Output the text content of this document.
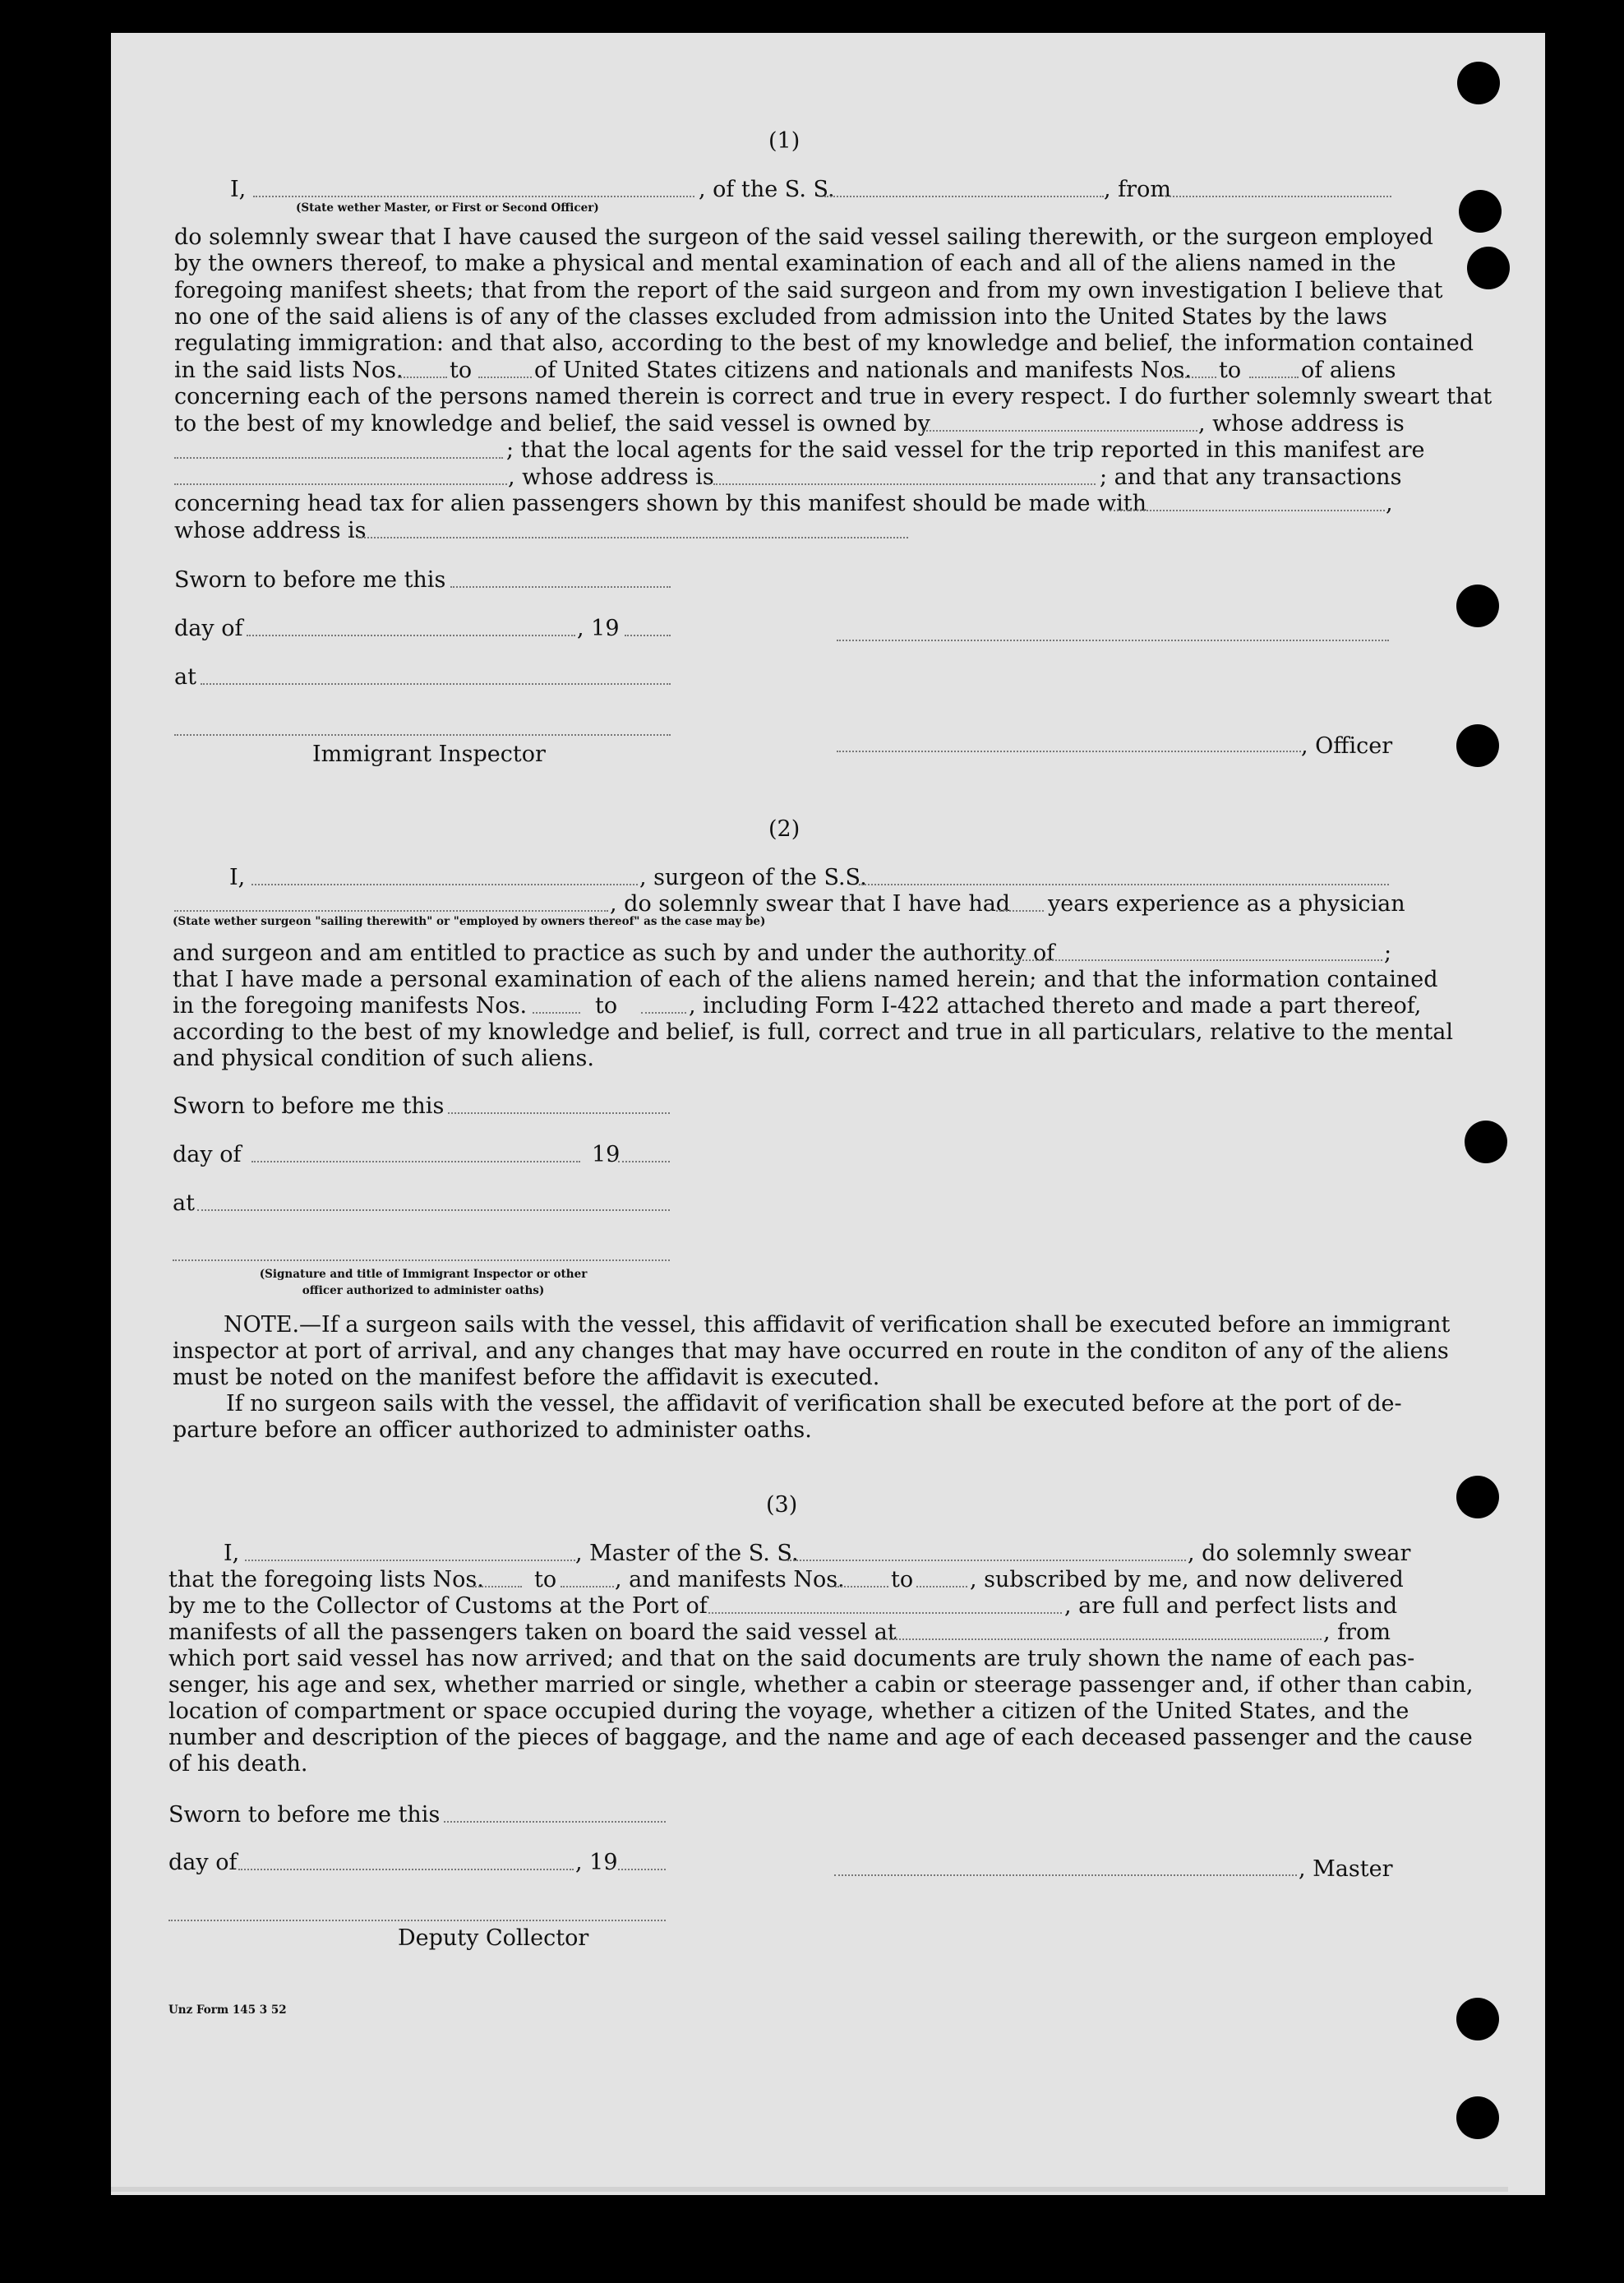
(1)
I,
(State wether Master, or First or Second Officer)
, of the S. S.	, from
do solemnly swear that I have caused the surgeon of the said vessel sailing therewith, or the surgeon employed
by the owners thereof, to make a physical and mental examination of each and all of the aliens named in the
foregoing manifest sheets; that from the report of the said surgeon and from my own investigation I believe that
no one of the said aliens is of any of the classes excluded from admission into the United States by the laws
regulating immigration: and that also, according to the best of my knowledge and belief, the information contained
in the said lists Nos. to	of United States citizens and nationals and manifests Nos. to	of aliens
concerning each of the persons named therein is correct and true in every respect. I do further solemnly sweart that
to the best of my knowledge and belief, the said vessel is owned by	, whose address is
; that the local agents for the said vessel for the trip reported in this manifest are
, whose address is	; and that any transactions
concerning head tax for alien passengers shown by this manifest should be made with	,
whose address is
Sworn to before me this
day of	, 19
at
Immigrant Inspector	, Officer
(2)
I,	, surgeon of the S.S.
, do solemnly swear that I have had years experience as a physician
(State wether surgeon "sailing therewith" or "employed by owners thereof" as the case may be)
and surgeon and am entitled to practice as such by and under the authority of	;
that I have made a personal examination of each of the aliens named herein; and that the information contained
in the foregoing manifests Nos.	to	, including Form I-422 attached thereto and made a part thereof,
according to the best of my knowledge and belief, is full, correct and true in all particulars, relative to the mental
and physical condition of such aliens.
Sworn to before me this
day of	19
at
(Signature and title of Immigrant Inspector or other
officer authorized to administer oaths)
NOTE.—If a surgeon sails with the vessel, this affidavit of verification shall be executed before an immigrant
inspector at port of arrival, and any changes that may have occurred en route in the conditon of any of the aliens
must be noted on the manifest before the affidavit is executed.
If no surgeon sails with the vessel, the affidavit of verification shall be executed before at the port of de-
parture before an officer authorized to administer oaths.
(3)
I,	, Master of the S. S.	, do solemnly swear
that the foregoing lists Nos. to	, and manifests Nos. to	, subscribed by me, and now delivered
by me to the Collector of Customs at the Port of	, are full and perfect lists and
manifests of all the passengers taken on board the said vessel at	, from
which port said vessel has now arrived; and that on the said documents are truly shown the name of each pas-
senger, his age and sex, whether married or single, whether a cabin or steerage passenger and, if other than cabin,
location of compartment or space occupied during the voyage, whether a citizen of the United States, and the
number and description of the pieces of baggage, and the name and age of each deceased passenger and the cause
of his death.
Sworn to before me this
day of	, 19	, Master
Deputy Collector
Unz Form 145 3 52
